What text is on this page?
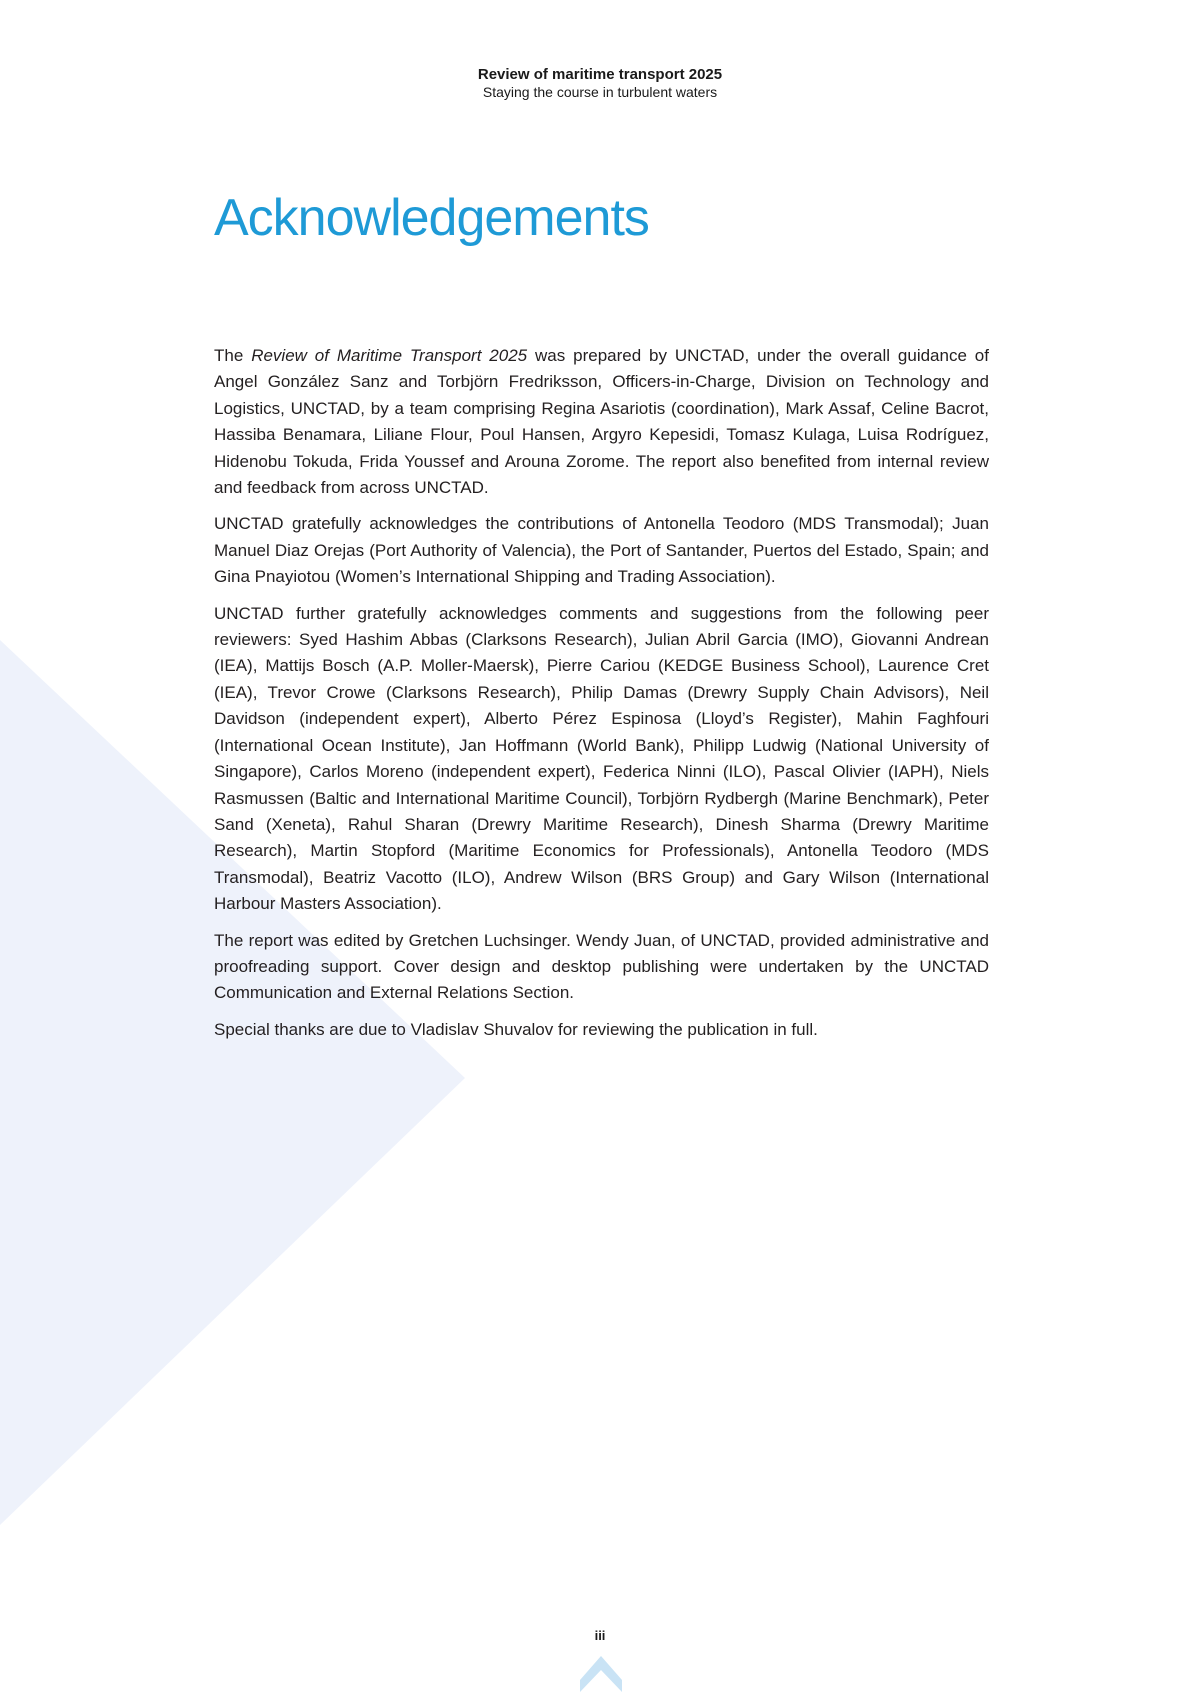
Review of maritime transport 2025
Staying the course in turbulent waters
Acknowledgements

The Review of Maritime Transport 2025 was prepared by UNCTAD, under the overall guidance of Angel González Sanz and Torbjörn Fredriksson, Officers-in-Charge, Division on Technology and Logistics, UNCTAD, by a team comprising Regina Asariotis (coordination), Mark Assaf, Celine Bacrot, Hassiba Benamara, Liliane Flour, Poul Hansen, Argyro Kepesidi, Tomasz Kulaga, Luisa Rodríguez, Hidenobu Tokuda, Frida Youssef and Arouna Zorome. The report also benefited from internal review and feedback from across UNCTAD.

UNCTAD gratefully acknowledges the contributions of Antonella Teodoro (MDS Transmodal); Juan Manuel Diaz Orejas (Port Authority of Valencia), the Port of Santander, Puertos del Estado, Spain; and Gina Pnayiotou (Women’s International Shipping and Trading Association).

UNCTAD further gratefully acknowledges comments and suggestions from the following peer reviewers: Syed Hashim Abbas (Clarksons Research), Julian Abril Garcia (IMO), Giovanni Andrean (IEA), Mattijs Bosch (A.P. Moller-Maersk), Pierre Cariou (KEDGE Business School), Laurence Cret (IEA), Trevor Crowe (Clarksons Research), Philip Damas (Drewry Supply Chain Advisors), Neil Davidson (independent expert), Alberto Pérez Espinosa (Lloyd’s Register), Mahin Faghfouri (International Ocean Institute), Jan Hoffmann (World Bank), Philipp Ludwig (National University of Singapore), Carlos Moreno (independent expert), Federica Ninni (ILO), Pascal Olivier (IAPH), Niels Rasmussen (Baltic and International Maritime Council), Torbjörn Rydbergh (Marine Benchmark), Peter Sand (Xeneta), Rahul Sharan (Drewry Maritime Research), Dinesh Sharma (Drewry Maritime Research), Martin Stopford (Maritime Economics for Professionals), Antonella Teodoro (MDS Transmodal), Beatriz Vacotto (ILO), Andrew Wilson (BRS Group) and Gary Wilson (International Harbour Masters Association).

The report was edited by Gretchen Luchsinger. Wendy Juan, of UNCTAD, provided administrative and proofreading support. Cover design and desktop publishing were undertaken by the UNCTAD Communication and External Relations Section.

Special thanks are due to Vladislav Shuvalov for reviewing the publication in full.

iii
